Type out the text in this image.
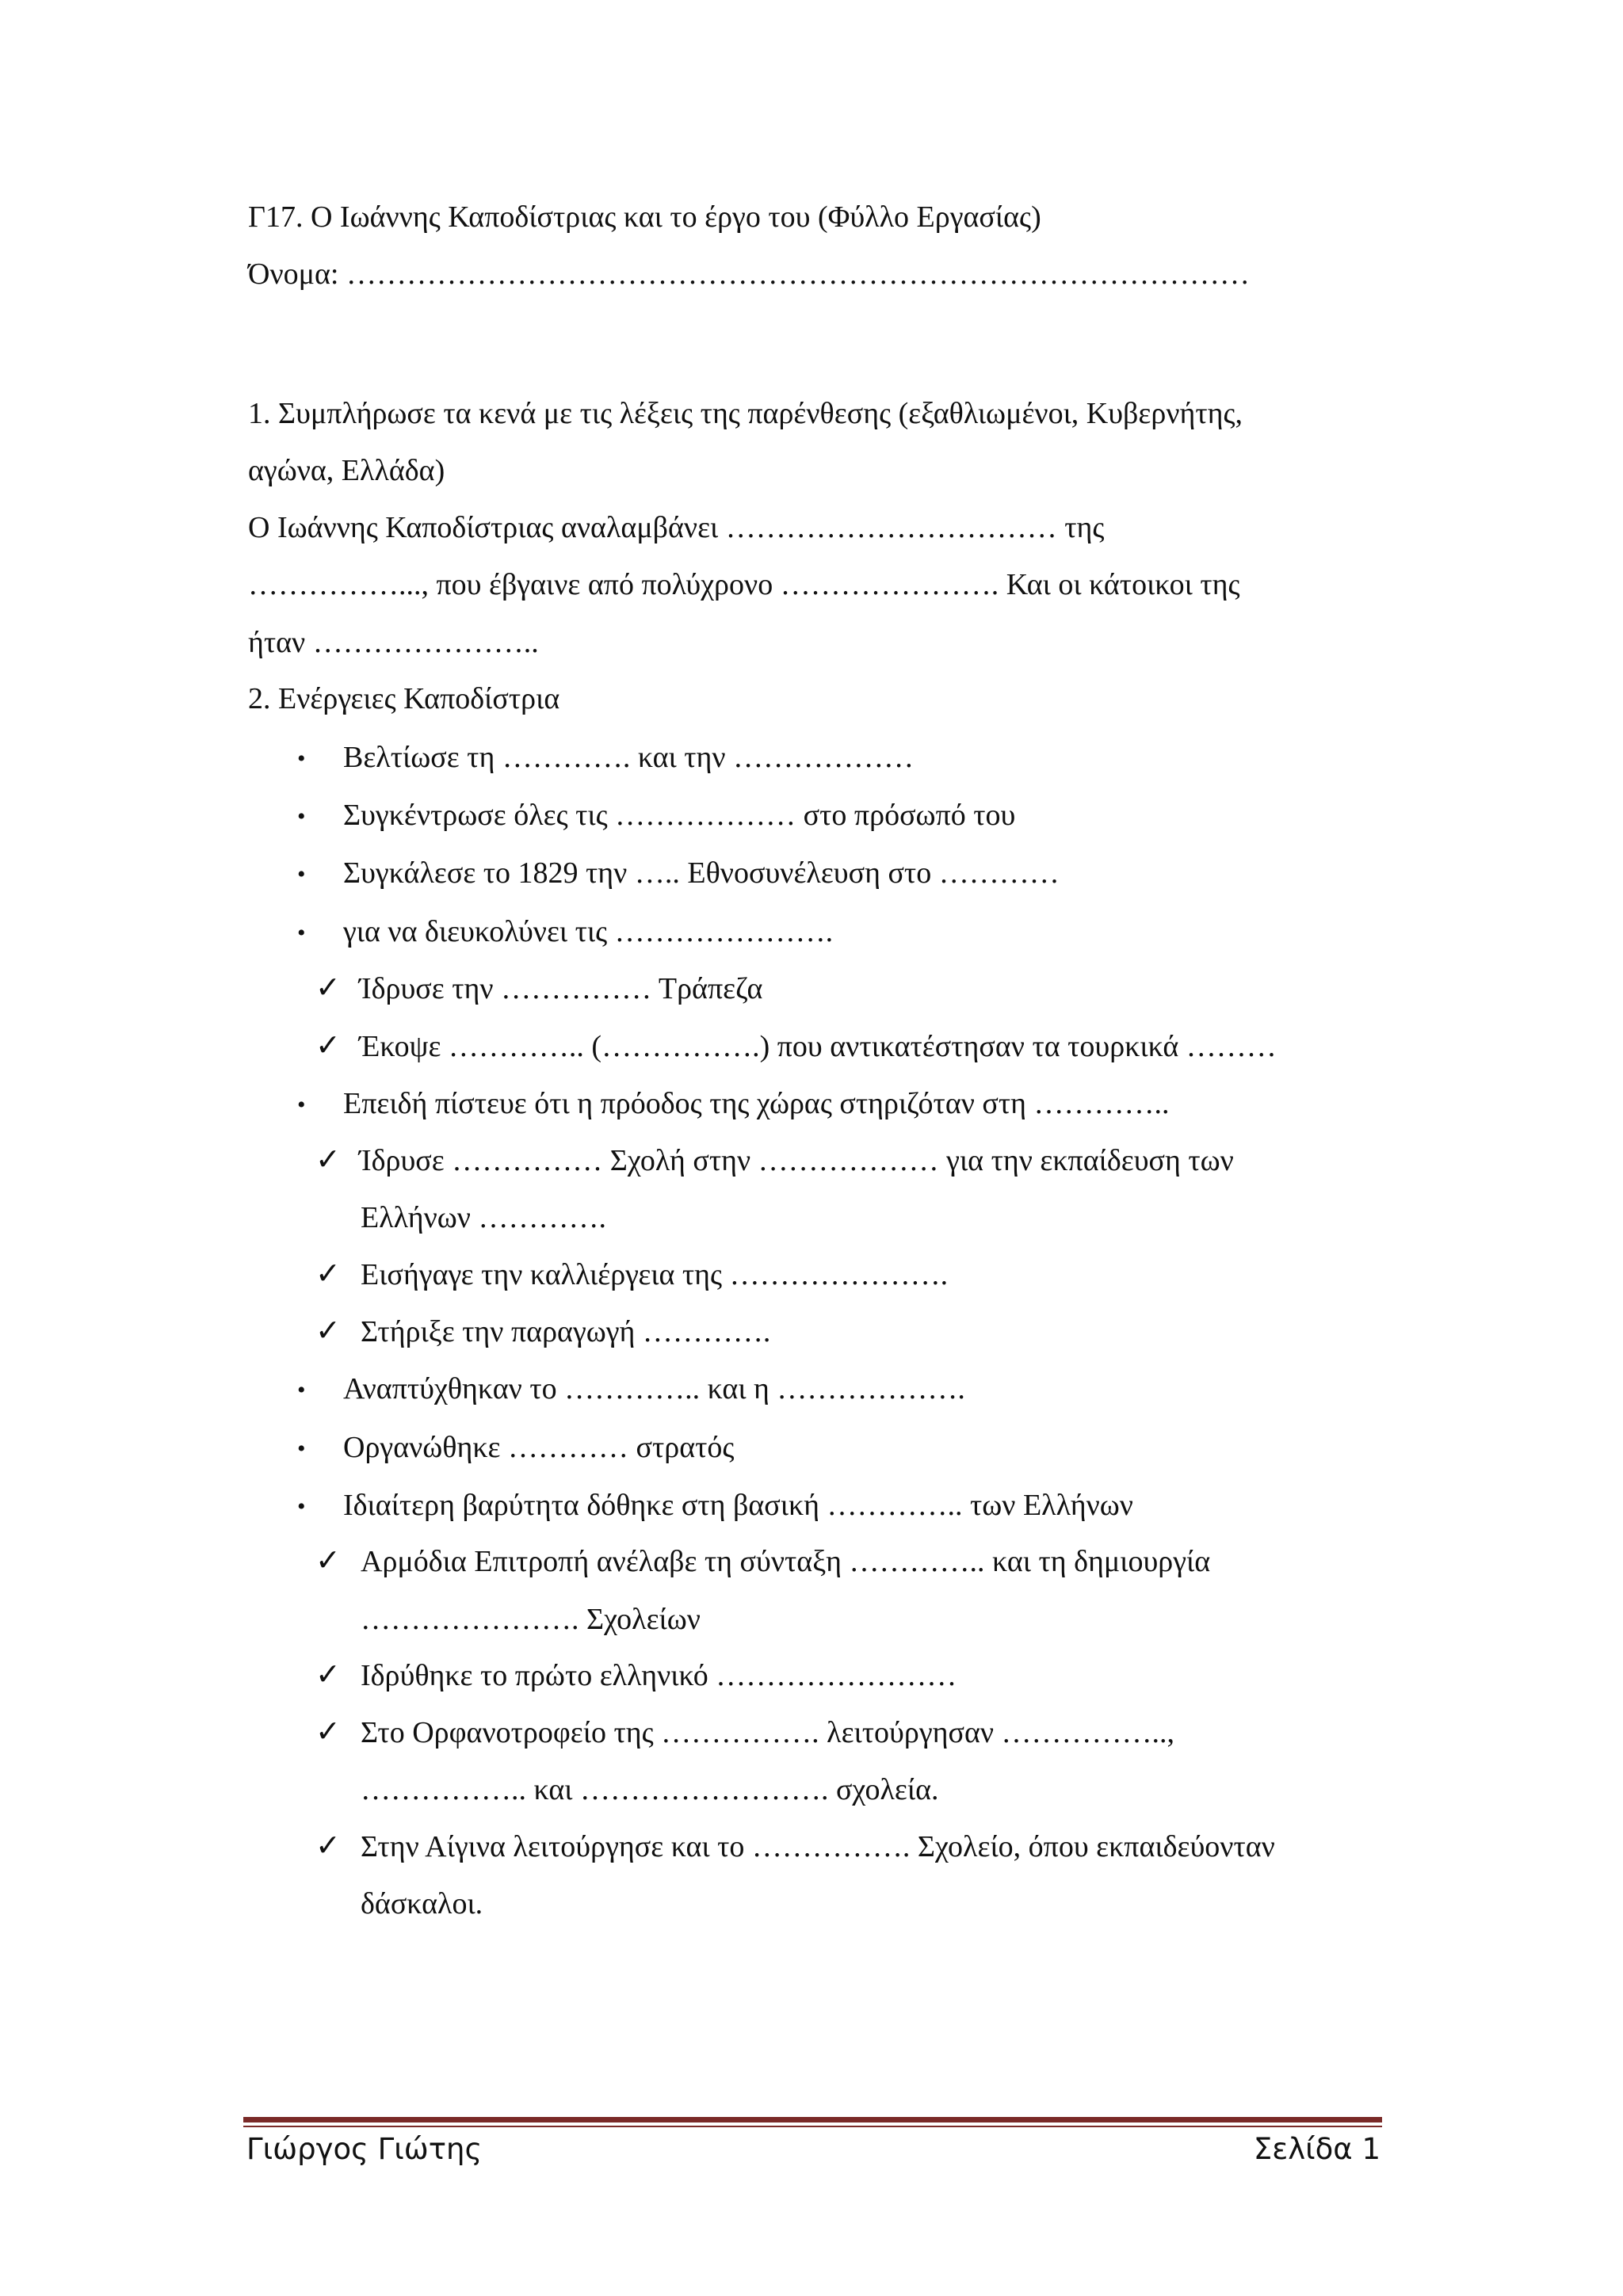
Γ17. Ο Ιωάννης Καποδίστριας και το έργο του (Φύλλο Εργασίας)
Όνομα: ………………………………………………………………………………
1. Συμπλήρωσε τα κενά με τις λέξεις της παρένθεσης (εξαθλιωμένοι, Κυβερνήτης,
αγώνα, Ελλάδα)
Ο Ιωάννης Καποδίστριας αναλαμβάνει …………………………… της
……………..., που έβγαινε από πολύχρονο …………………. Και οι κάτοικοι της
ήταν …………………..
2. Ενέργειες Καποδίστρια
• Βελτίωσε τη …………. και την ………………
• Συγκέντρωσε όλες τις ……………… στο πρόσωπό του
• Συγκάλεσε το 1829 την ….. Εθνοσυνέλευση στο …………
• για να διευκολύνει τις ………………….
✓ Ίδρυσε την …………… Τράπεζα
✓ Έκοψε ………….. (…………….) που αντικατέστησαν τα τουρκικά ………
• Επειδή πίστευε ότι η πρόοδος της χώρας στηριζόταν στη …………..
✓ Ίδρυσε …………… Σχολή στην ……………… για την εκπαίδευση των
Ελλήνων ………….
✓ Εισήγαγε την καλλιέργεια της ………………….
✓ Στήριξε την παραγωγή ………….
• Αναπτύχθηκαν το ………….. και η ……………….
• Οργανώθηκε ………… στρατός
• Ιδιαίτερη βαρύτητα δόθηκε στη βασική ………….. των Ελλήνων
✓ Αρμόδια Επιτροπή ανέλαβε τη σύνταξη ………….. και τη δημιουργία
…………………. Σχολείων
✓ Ιδρύθηκε το πρώτο ελληνικό ……………………
✓ Στο Ορφανοτροφείο της ……………. λειτούργησαν ……………..,
…………….. και ……………………. σχολεία.
✓ Στην Αίγινα λειτούργησε και το ……………. Σχολείο, όπου εκπαιδεύονταν
δάσκαλοι.
Γιώργος Γιώτης	Σελίδα 1
